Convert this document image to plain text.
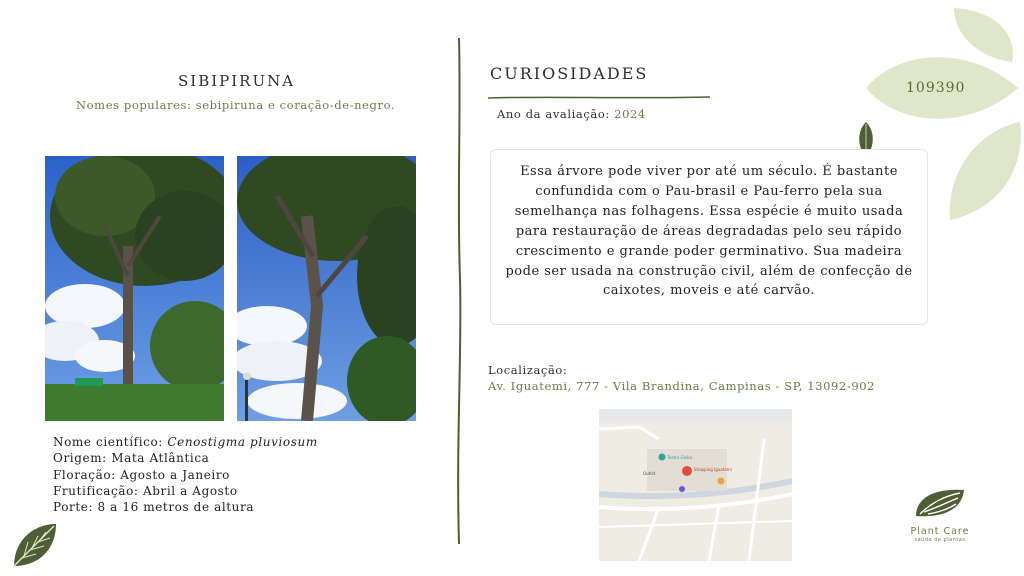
109390
SIBIPIRUNA
Nomes populares: sebipiruna e coração-de-negro.
Nome científico: Cenostigma pluviosum
Origem: Mata Atlântica
Floração: Agosto a Janeiro
Frutificação: Abril a Agosto
Porte: 8 a 16 metros de altura
CURIOSIDADES
Ano da avaliação: 2024
Essa árvore pode viver por até um século. É bastante confundida com o Pau-brasil e Pau-ferro pela sua semelhança nas folhagens. Essa espécie é muito usada para restauração de áreas degradadas pelo seu rápido crescimento e grande poder germinativo. Sua madeira pode ser usada na construção civil, além de confecção de caixotes, moveis e até carvão.
Localização:
Av. Iguatemi, 777 - Vila Brandina, Campinas - SP, 13092-902
Teatro Globo
Shopping Iguatemi
Outlet
Plant Care
saúde de plantas
